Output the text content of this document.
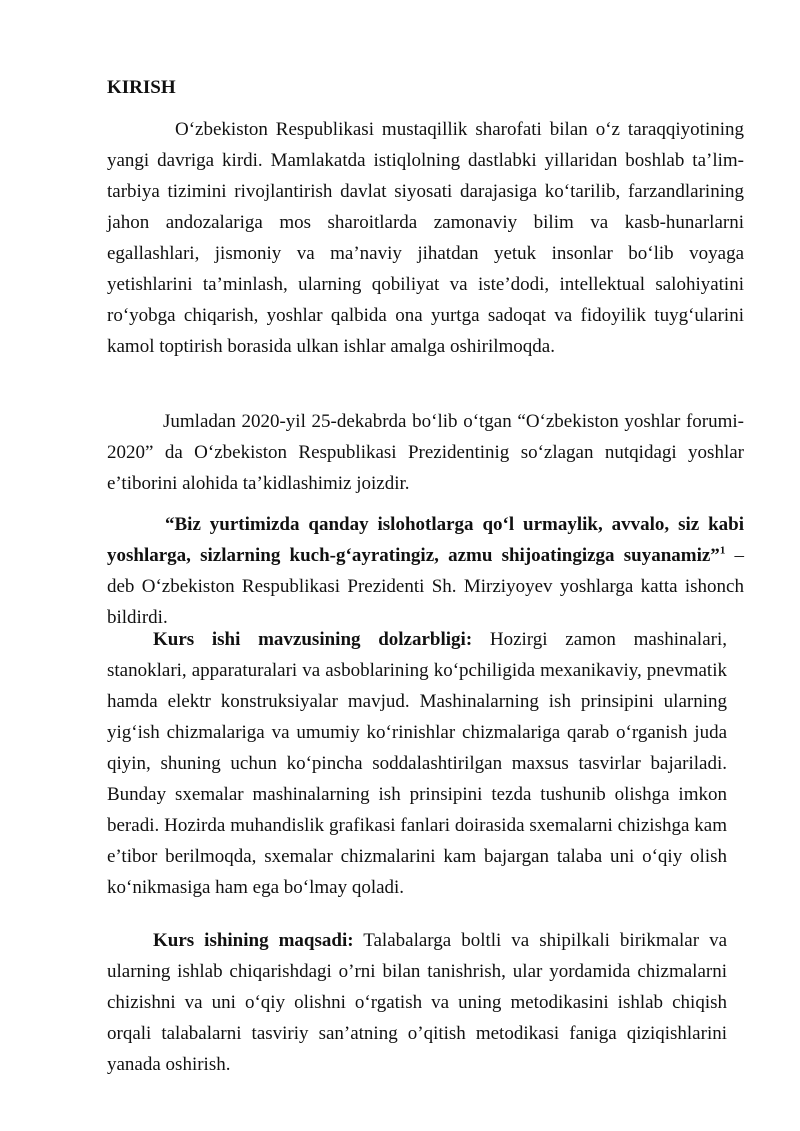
KIRISH

O‘zbekiston Respublikasi mustaqillik sharofati bilan o‘z taraqqiyotining yangi davriga kirdi. Mamlakatda istiqlolning dastlabki yillaridan boshlab ta’lim-tarbiya tizimini rivojlantirish davlat siyosati darajasiga ko‘tarilib, farzandlarining jahon andozalariga mos sharoitlarda zamonaviy bilim va kasb-hunarlarni egallashlari, jismoniy va ma’naviy jihatdan yetuk insonlar bo‘lib voyaga yetishlarini ta’minlash, ularning qobiliyat va iste’dodi, intellektual salohiyatini ro‘yobga chiqarish, yoshlar qalbida ona yurtga sadoqat va fidoyilik tuyg‘ularini kamol toptirish borasida ulkan ishlar amalga oshirilmoqda.

Jumladan 2020-yil 25-dekabrda bo‘lib o‘tgan “O‘zbekiston yoshlar forumi-2020” da O‘zbekiston Respublikasi Prezidentinig so‘zlagan nutqidagi yoshlar e’tiborini alohida ta’kidlashimiz joizdir.

“Biz yurtimizda qanday islohotlarga qo‘l urmaylik, avvalo, siz kabi yoshlarga, sizlarning kuch-g‘ayratingiz, azmu shijoatingizga suyanamiz”$^1$ – deb O‘zbekiston Respublikasi Prezidenti Sh. Mirziyoyev yoshlarga katta ishonch bildirdi.

Kurs ishi mavzusining dolzarbligi: Hozirgi zamon mashinalari, stanoklari, apparaturalari va asboblarining ko‘pchiligida mexanikaviy, pnevmatik hamda elektr konstruksiyalar mavjud. Mashinalarning ish prinsipini ularning yig‘ish chizmalariga va umumiy ko‘rinishlar chizmalariga qarab o‘rganish juda qiyin, shuning uchun ko‘pincha soddalashtirilgan maxsus tasvirlar bajariladi. Bunday sxemalar mashinalarning ish prinsipini tezda tushunib olishga imkon beradi. Hozirda muhandislik grafikasi fanlari doirasida sxemalarni chizishga kam e’tibor berilmoqda, sxemalar chizmalarini kam bajargan talaba uni o‘qiy olish ko‘nikmasiga ham ega bo‘lmay qoladi.

Kurs ishining maqsadi: Talabalarga boltli va shipilkali birikmalar va ularning ishlab chiqarishdagi o’rni bilan tanishrish, ular yordamida chizmalarni chizishni va uni o‘qiy olishni o‘rgatish va uning metodikasini ishlab chiqish orqali talabalarni tasviriy san’atning o’qitish metodikasi faniga qiziqishlarini yanada oshirish.
